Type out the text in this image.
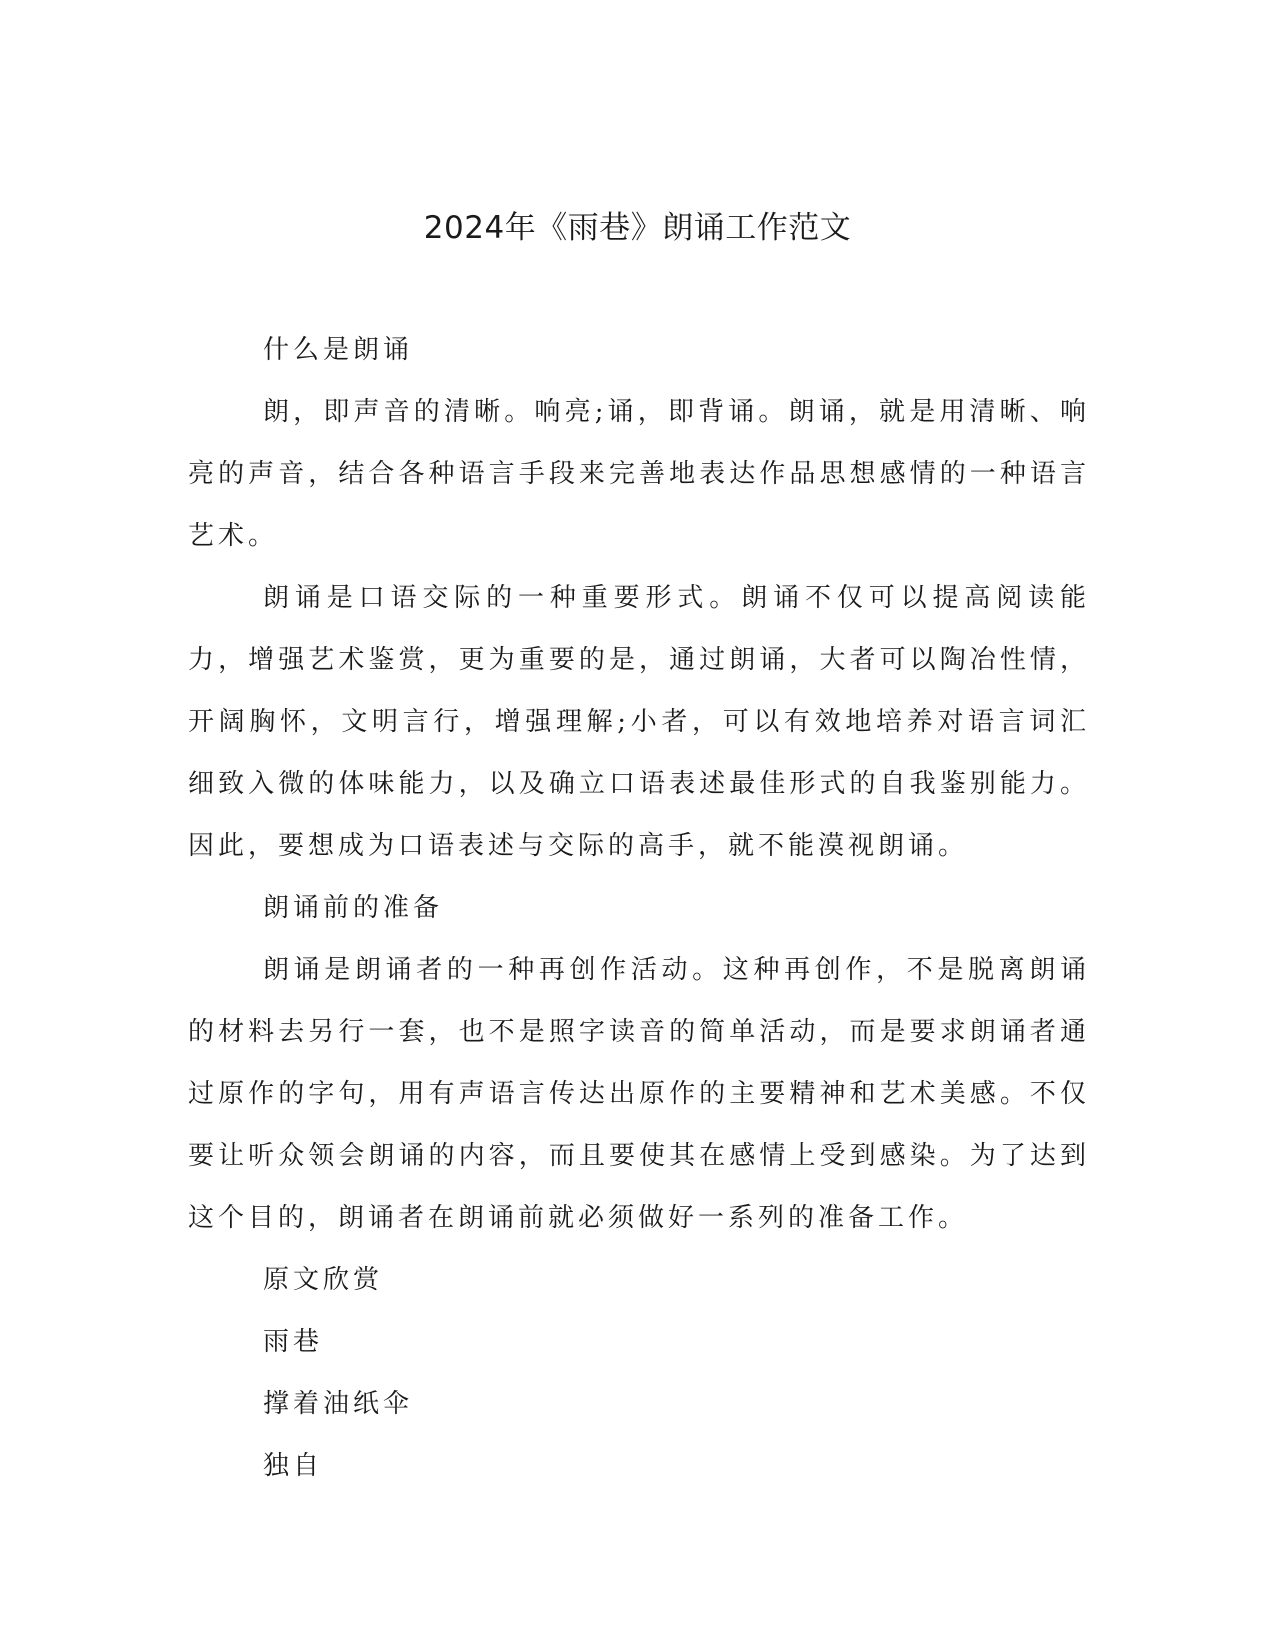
2024年《雨巷》朗诵工作范文

什么是朗诵

朗，即声音的清晰。响亮;诵，即背诵。朗诵，就是用清晰、响亮的声音，结合各种语言手段来完善地表达作品思想感情的一种语言艺术。

朗诵是口语交际的一种重要形式。朗诵不仅可以提高阅读能力，增强艺术鉴赏，更为重要的是，通过朗诵，大者可以陶冶性情，开阔胸怀，文明言行，增强理解;小者，可以有效地培养对语言词汇细致入微的体味能力，以及确立口语表述最佳形式的自我鉴别能力。因此，要想成为口语表述与交际的高手，就不能漠视朗诵。

朗诵前的准备

朗诵是朗诵者的一种再创作活动。这种再创作，不是脱离朗诵的材料去另行一套，也不是照字读音的简单活动，而是要求朗诵者通过原作的字句，用有声语言传达出原作的主要精神和艺术美感。不仅要让听众领会朗诵的内容，而且要使其在感情上受到感染。为了达到这个目的，朗诵者在朗诵前就必须做好一系列的准备工作。

原文欣赏

雨巷

撑着油纸伞

独自
